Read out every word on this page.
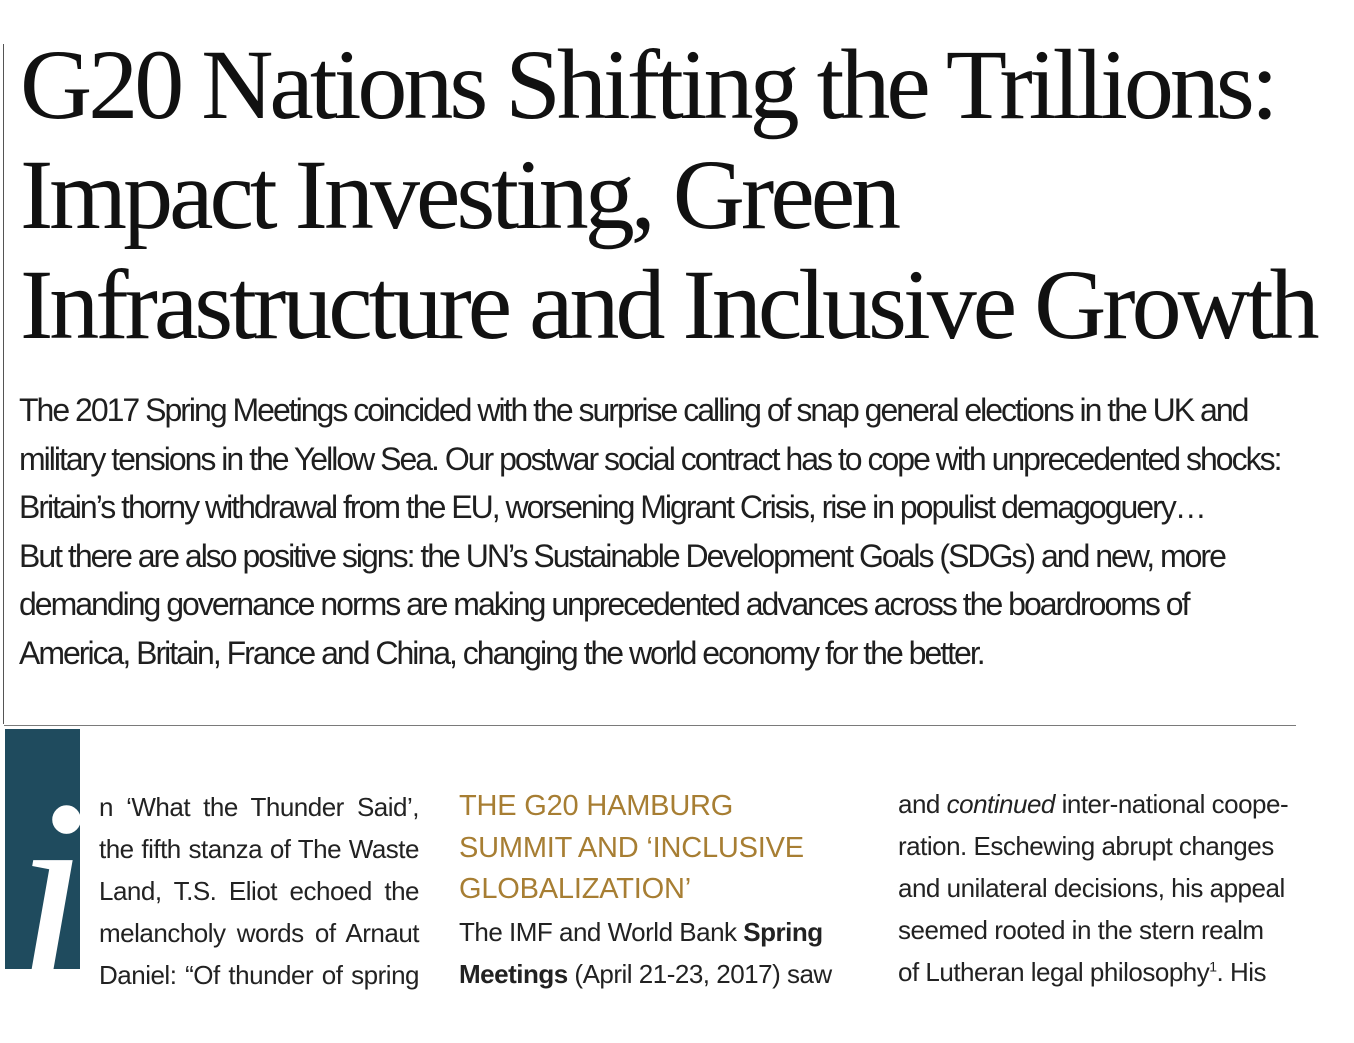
G20 Nations Shifting the Trillions:
Impact Investing, Green
Infrastructure and Inclusive Growth

The 2017 Spring Meetings coincided with the surprise calling of snap general elections in the UK and
military tensions in the Yellow Sea. Our postwar social contract has to cope with unprecedented shocks:
Britain’s thorny withdrawal from the EU, worsening Migrant Crisis, rise in populist demagoguery…
But there are also positive signs: the UN’s Sustainable Development Goals (SDGs) and new, more
demanding governance norms are making unprecedented advances across the boardrooms of
America, Britain, France and China, changing the world economy for the better.

i n ‘What the Thunder Said’,
the fifth stanza of The Waste
Land, T.S. Eliot echoed the
melancholy words of Arnaut
Daniel: “Of thunder of spring
THE G20 HAMBURG
SUMMIT AND ‘INCLUSIVE
GLOBALIZATION’
The IMF and World Bank Spring
Meetings (April 21-23, 2017) saw
and continued inter-national coope-
ration. Eschewing abrupt changes
and unilateral decisions, his appeal
seemed rooted in the stern realm
of Lutheran legal philosophy$^1$. His
